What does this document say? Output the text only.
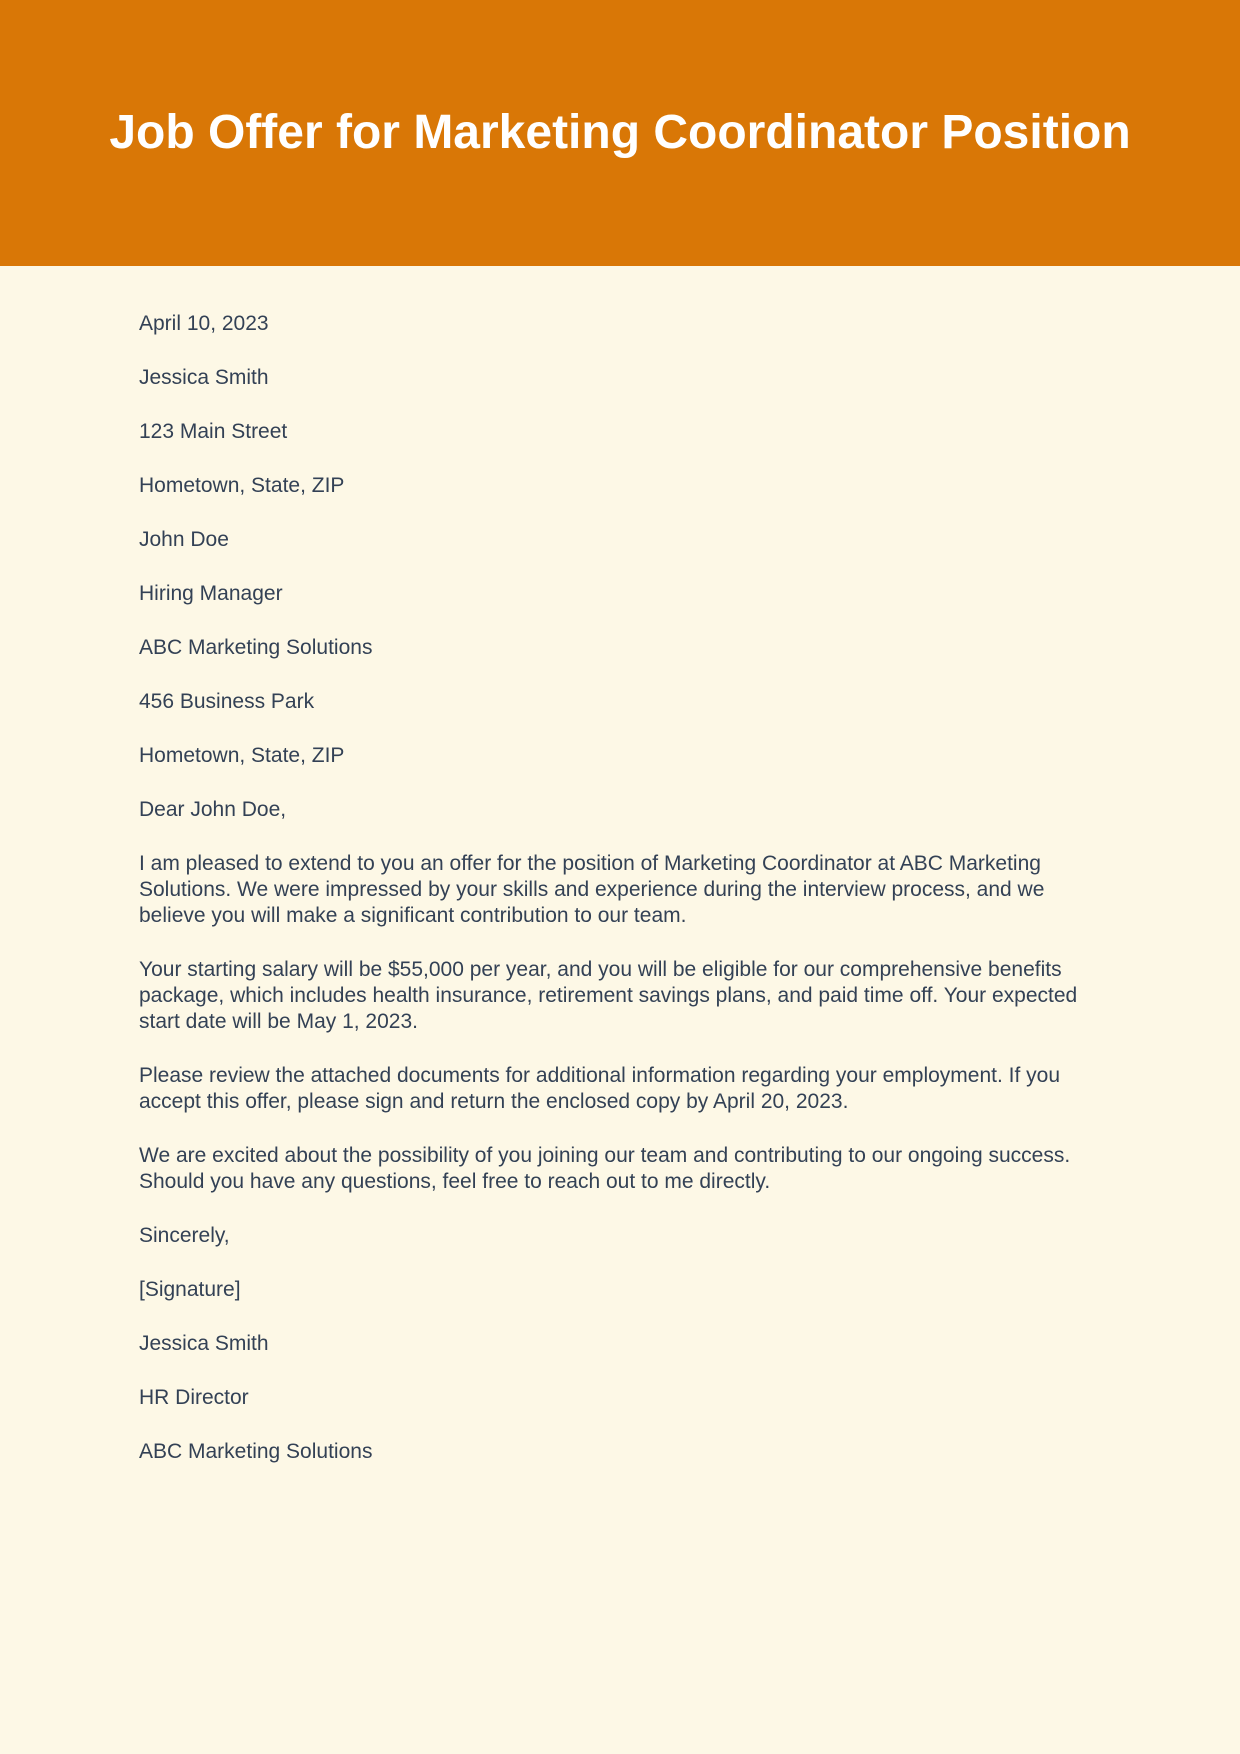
Job Offer for Marketing Coordinator Position

April 10, 2023

Jessica Smith

123 Main Street

Hometown, State, ZIP

John Doe

Hiring Manager

ABC Marketing Solutions

456 Business Park

Hometown, State, ZIP

Dear John Doe,

I am pleased to extend to you an offer for the position of Marketing Coordinator at ABC Marketing Solutions. We were impressed by your skills and experience during the interview process, and we believe you will make a significant contribution to our team.

Your starting salary will be $55,000 per year, and you will be eligible for our comprehensive benefits package, which includes health insurance, retirement savings plans, and paid time off. Your expected start date will be May 1, 2023.

Please review the attached documents for additional information regarding your employment. If you accept this offer, please sign and return the enclosed copy by April 20, 2023.

We are excited about the possibility of you joining our team and contributing to our ongoing success. Should you have any questions, feel free to reach out to me directly.

Sincerely,

[Signature]

Jessica Smith

HR Director

ABC Marketing Solutions
